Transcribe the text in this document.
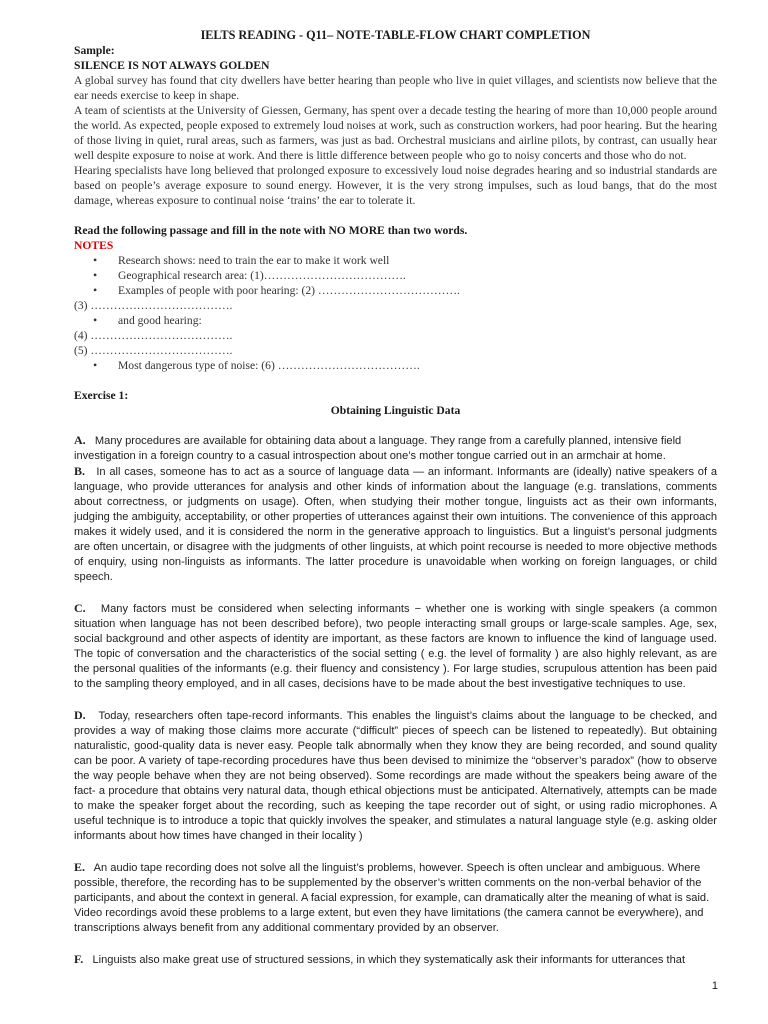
IELTS READING - Q11– NOTE-TABLE-FLOW CHART COMPLETION

Sample:

SILENCE IS NOT ALWAYS GOLDEN

A global survey has found that city dwellers have better hearing than people who live in quiet villages, and scientists now believe that the ear needs exercise to keep in shape.

A team of scientists at the University of Giessen, Germany, has spent over a decade testing the hearing of more than 10,000 people around the world. As expected, people exposed to extremely loud noises at work, such as construction workers, had poor hearing. But the hearing of those living in quiet, rural areas, such as farmers, was just as bad. Orchestral musicians and airline pilots, by contrast, can usually hear well despite exposure to noise at work. And there is little difference between people who go to noisy concerts and those who do not.

Hearing specialists have long believed that prolonged exposure to excessively loud noise degrades hearing and so industrial standards are based on people’s average exposure to sound energy. However, it is the very strong impulses, such as loud bangs, that do the most damage, whereas exposure to continual noise ‘trains’ the ear to tolerate it.

Read the following passage and fill in the note with NO MORE than two words.

NOTES

• Research shows: need to train the ear to make it work well
• Geographical research area: (1)……………………………….
• Examples of people with poor hearing: (2) ……………………………….

(3) ……………………………….

• and good hearing:

(4) ……………………………….

(5) ……………………………….

• Most dangerous type of noise: (6) ……………………………….

Exercise 1:

Obtaining Linguistic Data

A. Many procedures are available for obtaining data about a language. They range from a carefully planned, intensive field investigation in a foreign country to a casual introspection about one’s mother tongue carried out in an armchair at home.

B. In all cases, someone has to act as a source of language data — an informant. Informants are (ideally) native speakers of a language, who provide utterances for analysis and other kinds of information about the language (e.g. translations, comments about correctness, or judgments on usage). Often, when studying their mother tongue, linguists act as their own informants, judging the ambiguity, acceptability, or other properties of utterances against their own intuitions. The convenience of this approach makes it widely used, and it is considered the norm in the generative approach to linguistics. But a linguist’s personal judgments are often uncertain, or disagree with the judgments of other linguists, at which point recourse is needed to more objective methods of enquiry, using non-linguists as informants. The latter procedure is unavoidable when working on foreign languages, or child speech.

C. Many factors must be considered when selecting informants − whether one is working with single speakers (a common situation when language has not been described before), two people interacting small groups or large-scale samples. Age, sex, social background and other aspects of identity are important, as these factors are known to influence the kind of language used. The topic of conversation and the characteristics of the social setting ( e.g. the level of formality ) are also highly relevant, as are the personal qualities of the informants (e.g. their fluency and consistency ). For large studies, scrupulous attention has been paid to the sampling theory employed, and in all cases, decisions have to be made about the best investigative techniques to use.

D. Today, researchers often tape-record informants. This enables the linguist’s claims about the language to be checked, and provides a way of making those claims more accurate (“difficult” pieces of speech can be listened to repeatedly). But obtaining naturalistic, good-quality data is never easy. People talk abnormally when they know they are being recorded, and sound quality can be poor. A variety of tape-recording procedures have thus been devised to minimize the “observer’s paradox” (how to observe the way people behave when they are not being observed). Some recordings are made without the speakers being aware of the fact- a procedure that obtains very natural data, though ethical objections must be anticipated. Alternatively, attempts can be made to make the speaker forget about the recording, such as keeping the tape recorder out of sight, or using radio microphones. A useful technique is to introduce a topic that quickly involves the speaker, and stimulates a natural language style (e.g. asking older informants about how times have changed in their locality )

E. An audio tape recording does not solve all the linguist’s problems, however. Speech is often unclear and ambiguous. Where possible, therefore, the recording has to be supplemented by the observer’s written comments on the non-verbal behavior of the participants, and about the context in general. A facial expression, for example, can dramatically alter the meaning of what is said. Video recordings avoid these problems to a large extent, but even they have limitations (the camera cannot be everywhere), and transcriptions always benefit from any additional commentary provided by an observer.

F. Linguists also make great use of structured sessions, in which they systematically ask their informants for utterances that

1
